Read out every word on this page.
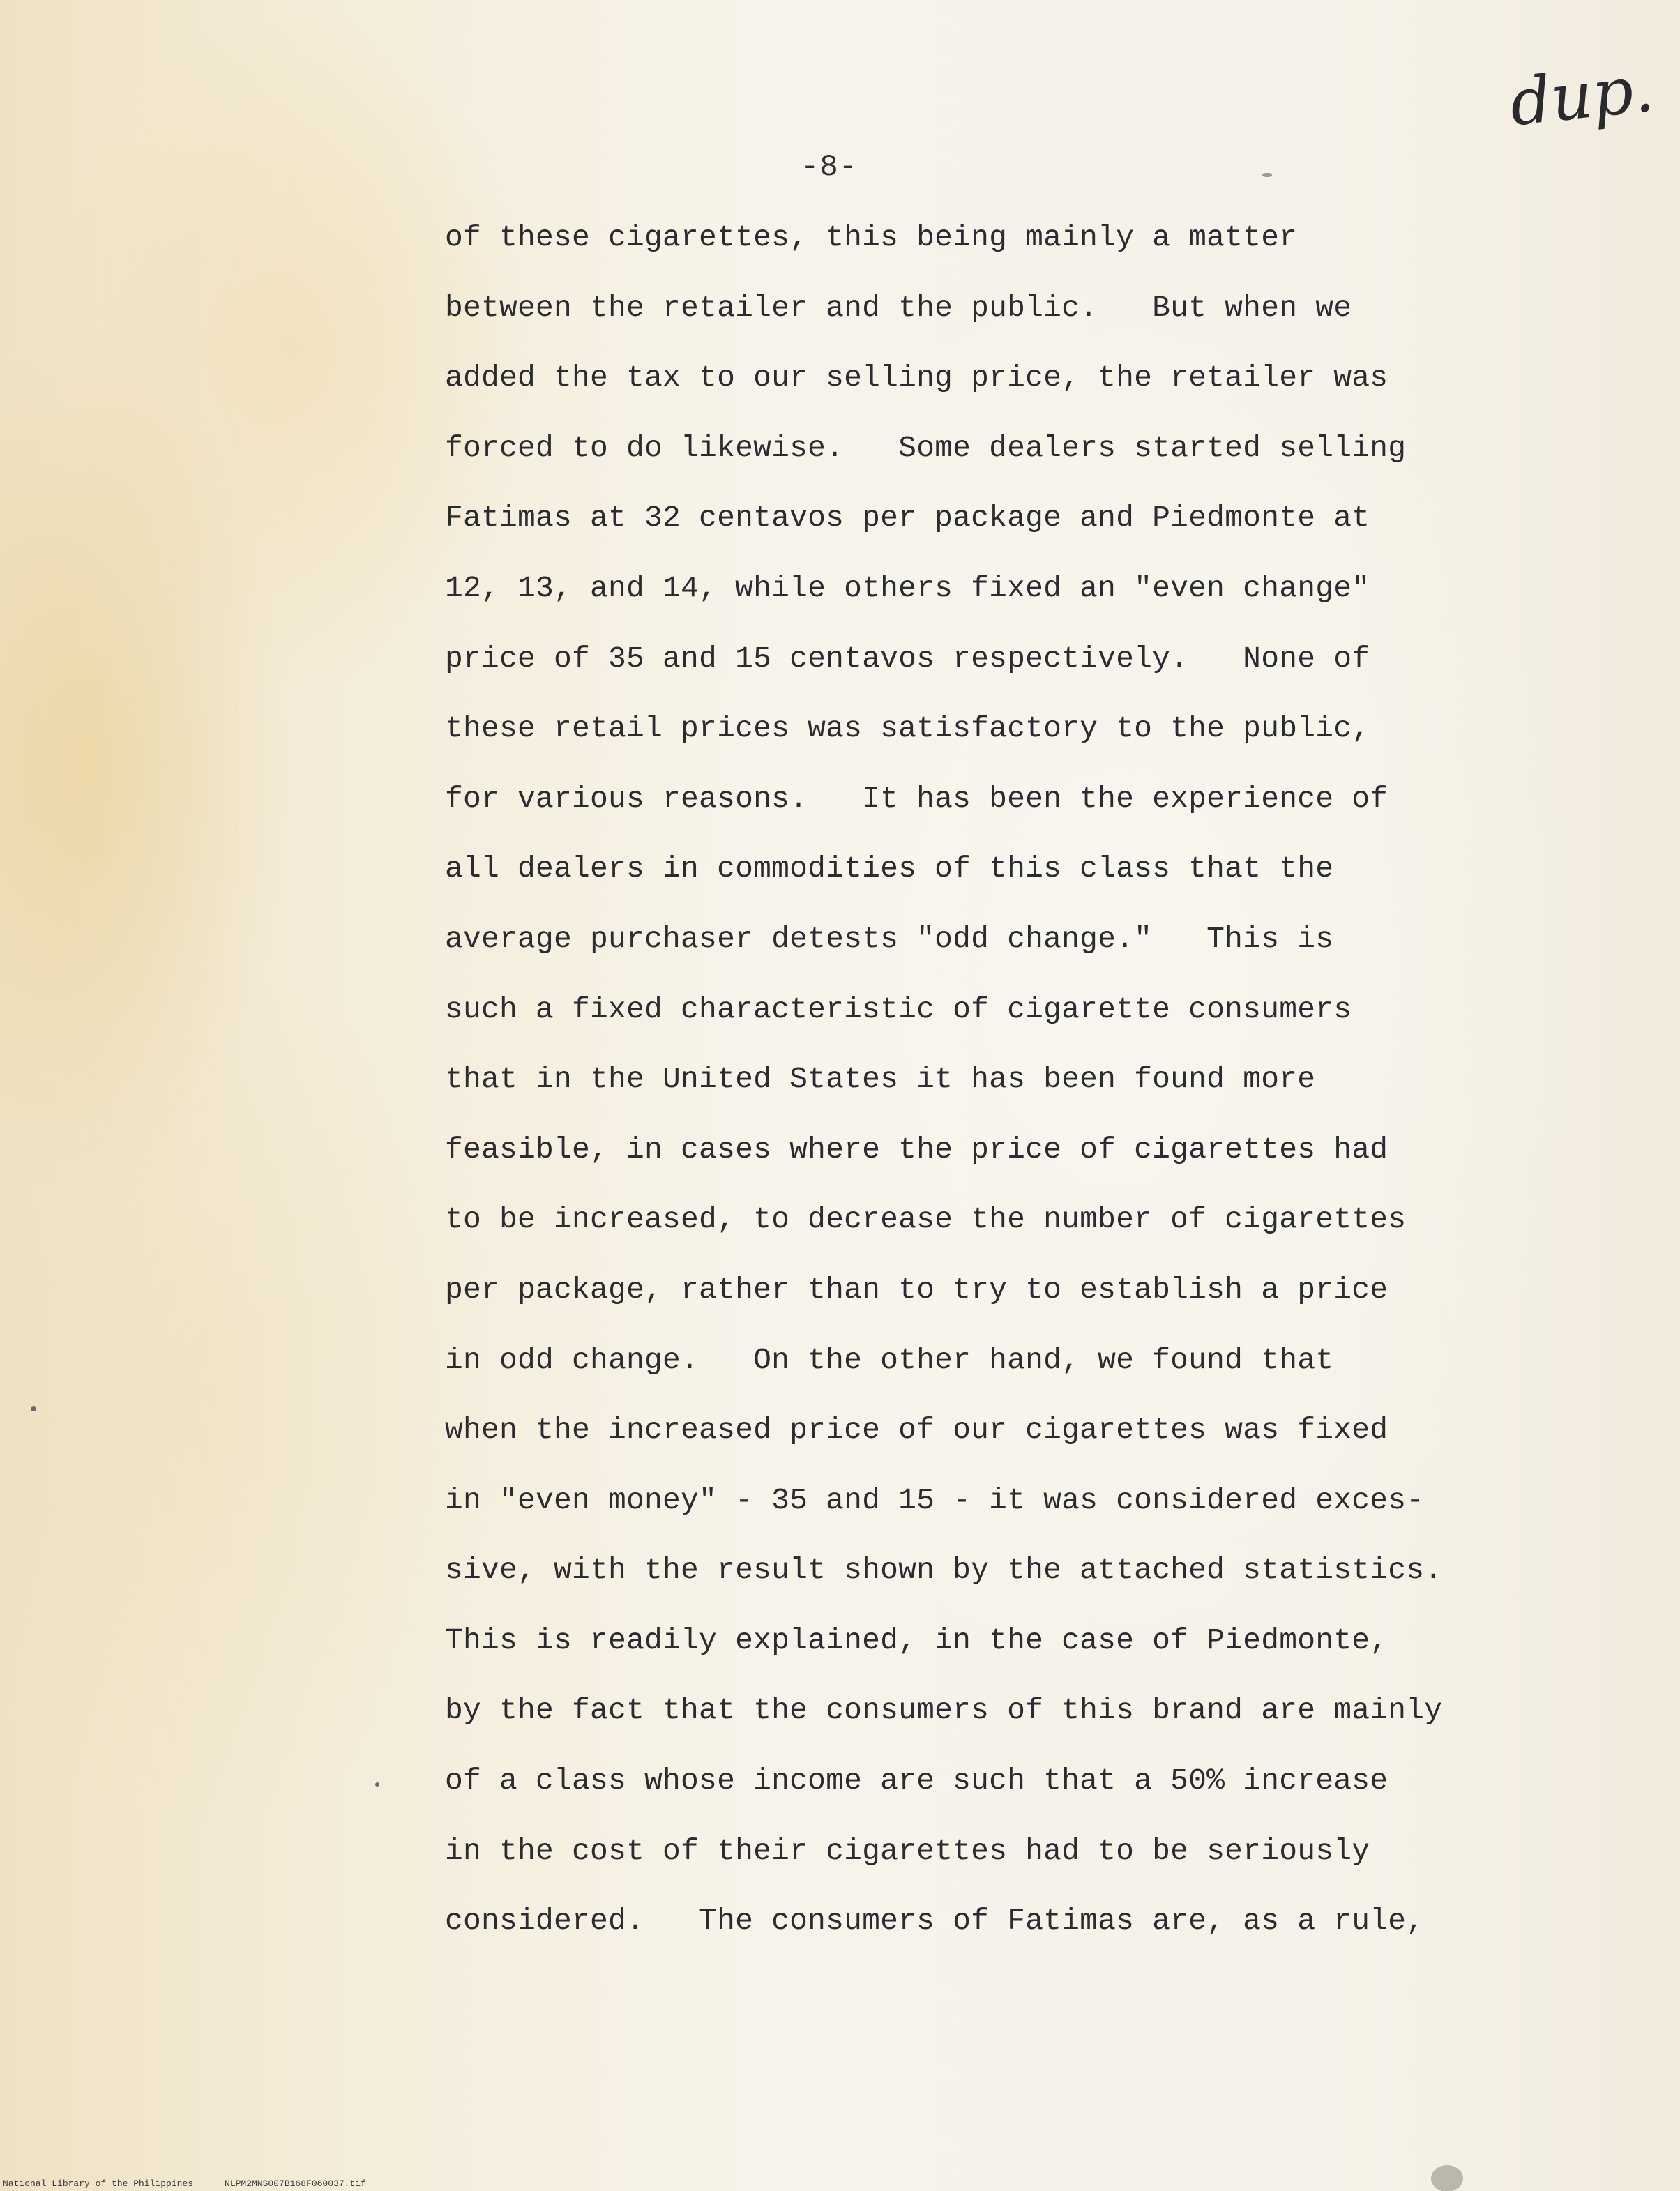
dup.
-8-
of these cigarettes, this being mainly a matter
between the retailer and the public.   But when we
added the tax to our selling price, the retailer was
forced to do likewise.   Some dealers started selling
Fatimas at 32 centavos per package and Piedmonte at
12, 13, and 14, while others fixed an "even change"
price of 35 and 15 centavos respectively.   None of
these retail prices was satisfactory to the public,
for various reasons.   It has been the experience of
all dealers in commodities of this class that the
average purchaser detests "odd change."   This is
such a fixed characteristic of cigarette consumers
that in the United States it has been found more
feasible, in cases where the price of cigarettes had
to be increased, to decrease the number of cigarettes
per package, rather than to try to establish a price
in odd change.   On the other hand, we found that
when the increased price of our cigarettes was fixed
in "even money" - 35 and 15 - it was considered exces-
sive, with the result shown by the attached statistics.
This is readily explained, in the case of Piedmonte,
by the fact that the consumers of this brand are mainly
of a class whose income are such that a 50% increase
in the cost of their cigarettes had to be seriously
considered.   The consumers of Fatimas are, as a rule,
National Library of the Philippines	NLPM2MNS007B168F060037.tif
